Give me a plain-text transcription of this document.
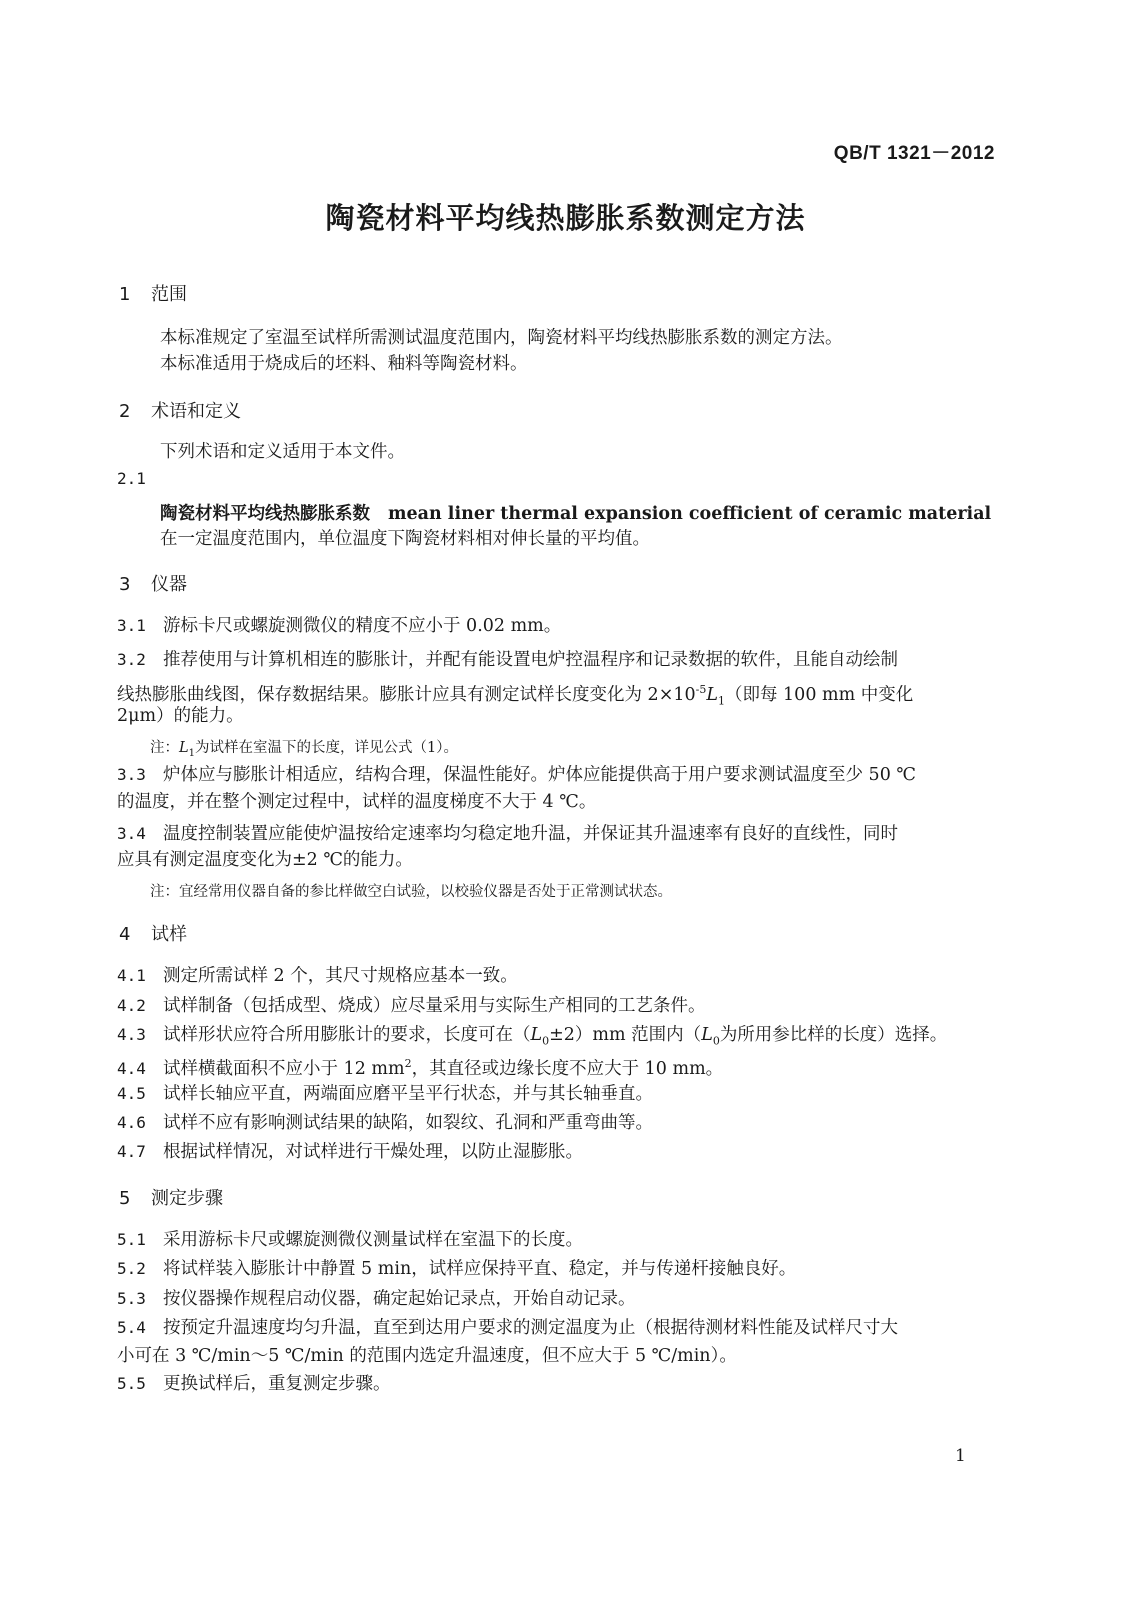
QB/T 1321－2012
陶瓷材料平均线热膨胀系数测定方法
1 范围
本标准规定了室温至试样所需测试温度范围内，陶瓷材料平均线热膨胀系数的测定方法。
本标准适用于烧成后的坯料、釉料等陶瓷材料。
2 术语和定义
下列术语和定义适用于本文件。
2.1
陶瓷材料平均线热膨胀系数 mean liner thermal expansion coefficient of ceramic material
在一定温度范围内，单位温度下陶瓷材料相对伸长量的平均值。
3 仪器
3.1 游标卡尺或螺旋测微仪的精度不应小于 0.02 mm。
3.2 推荐使用与计算机相连的膨胀计，并配有能设置电炉控温程序和记录数据的软件，且能自动绘制
线热膨胀曲线图，保存数据结果。膨胀计应具有测定试样长度变化为 $2\times 10^{-5}L_1$（即每 100 mm 中变化
2μm）的能力。
注：$L_1$为试样在室温下的长度，详见公式（1）。
3.3 炉体应与膨胀计相适应，结构合理，保温性能好。炉体应能提供高于用户要求测试温度至少 50 ℃
的温度，并在整个测定过程中，试样的温度梯度不大于 4 ℃。
3.4 温度控制装置应能使炉温按给定速率均匀稳定地升温，并保证其升温速率有良好的直线性，同时
应具有测定温度变化为±2 ℃的能力。
注：宜经常用仪器自备的参比样做空白试验，以校验仪器是否处于正常测试状态。
4 试样
4.1 测定所需试样 2 个，其尺寸规格应基本一致。
4.2 试样制备（包括成型、烧成）应尽量采用与实际生产相同的工艺条件。
4.3 试样形状应符合所用膨胀计的要求，长度可在$(L_0\pm 2)mm$ 范围内（$L_0$为所用参比样的长度）选择。
4.4 试样横截面积不应小于 12 $mm^2$，其直径或边缘长度不应大于 10 mm。
4.5 试样长轴应平直，两端面应磨平呈平行状态，并与其长轴垂直。
4.6 试样不应有影响测试结果的缺陷，如裂纹、孔洞和严重弯曲等。
4.7 根据试样情况，对试样进行干燥处理，以防止湿膨胀。
5 测定步骤
5.1 采用游标卡尺或螺旋测微仪测量试样在室温下的长度。
5.2 将试样装入膨胀计中静置 5 min，试样应保持平直、稳定，并与传递杆接触良好。
5.3 按仪器操作规程启动仪器，确定起始记录点，开始自动记录。
5.4 按预定升温速度均匀升温，直至到达用户要求的测定温度为止（根据待测材料性能及试样尺寸大
小可在 3 ℃/min～5 ℃/min 的范围内选定升温速度，但不应大于 5 ℃/min）。
5.5 更换试样后，重复测定步骤。
1
